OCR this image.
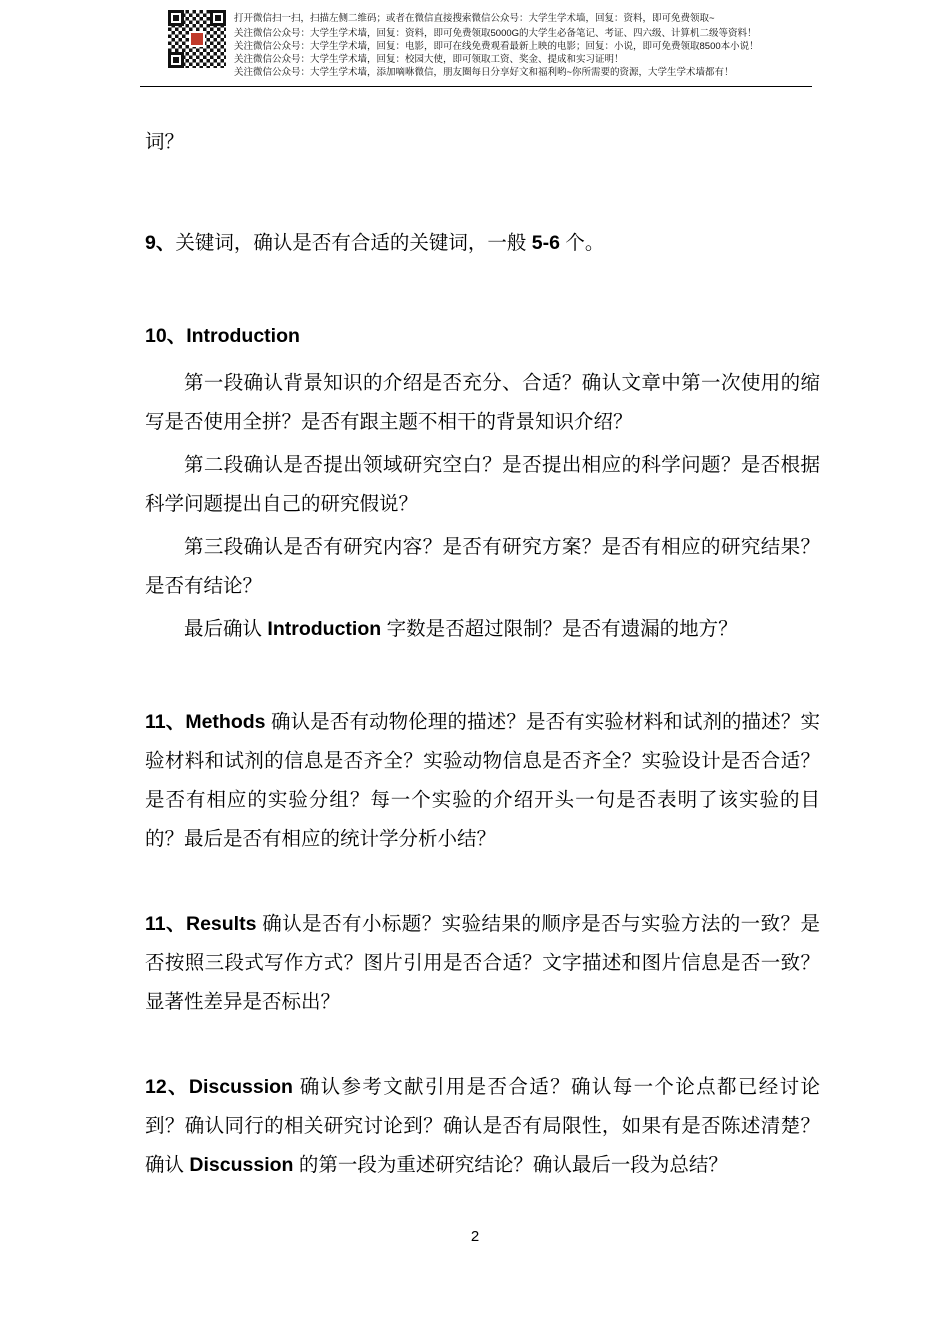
打开微信扫一扫，扫描左侧二维码；或者在微信直接搜索微信公众号：大学生学术墙，回复：资料，即可免费领取~
关注微信公众号：大学生学术墙，回复：资料，即可免费领取5000G的大学生必备笔记、考证、四六级、计算机二级等资料！
关注微信公众号：大学生学术墙，回复：电影，即可在线免费观看最新上映的电影；回复：小说，即可免费领取8500本小说！
关注微信公众号：大学生学术墙，回复：校园大使，即可领取工资、奖金、提成和实习证明！
关注微信公众号：大学生学术墙，添加嘀咻微信，朋友圈每日分享好文和福利哟~你所需要的资源，大学生学术墙都有！

词？

9、关键词，确认是否有合适的关键词，一般 5-6 个。

10、Introduction

第一段确认背景知识的介绍是否充分、合适？确认文章中第一次使用的缩写是否使用全拼？是否有跟主题不相干的背景知识介绍？

第二段确认是否提出领域研究空白？是否提出相应的科学问题？是否根据科学问题提出自己的研究假说？

第三段确认是否有研究内容？是否有研究方案？是否有相应的研究结果？是否有结论？

最后确认 Introduction 字数是否超过限制？是否有遗漏的地方？

11、Methods 确认是否有动物伦理的描述？是否有实验材料和试剂的描述？实验材料和试剂的信息是否齐全？实验动物信息是否齐全？实验设计是否合适？是否有相应的实验分组？每一个实验的介绍开头一句是否表明了该实验的目的？最后是否有相应的统计学分析小结？

11、Results 确认是否有小标题？实验结果的顺序是否与实验方法的一致？是否按照三段式写作方式？图片引用是否合适？文字描述和图片信息是否一致？显著性差异是否标出？

12、Discussion 确认参考文献引用是否合适？确认每一个论点都已经讨论到？确认同行的相关研究讨论到？确认是否有局限性，如果有是否陈述清楚？确认 Discussion 的第一段为重述研究结论？确认最后一段为总结？

2
